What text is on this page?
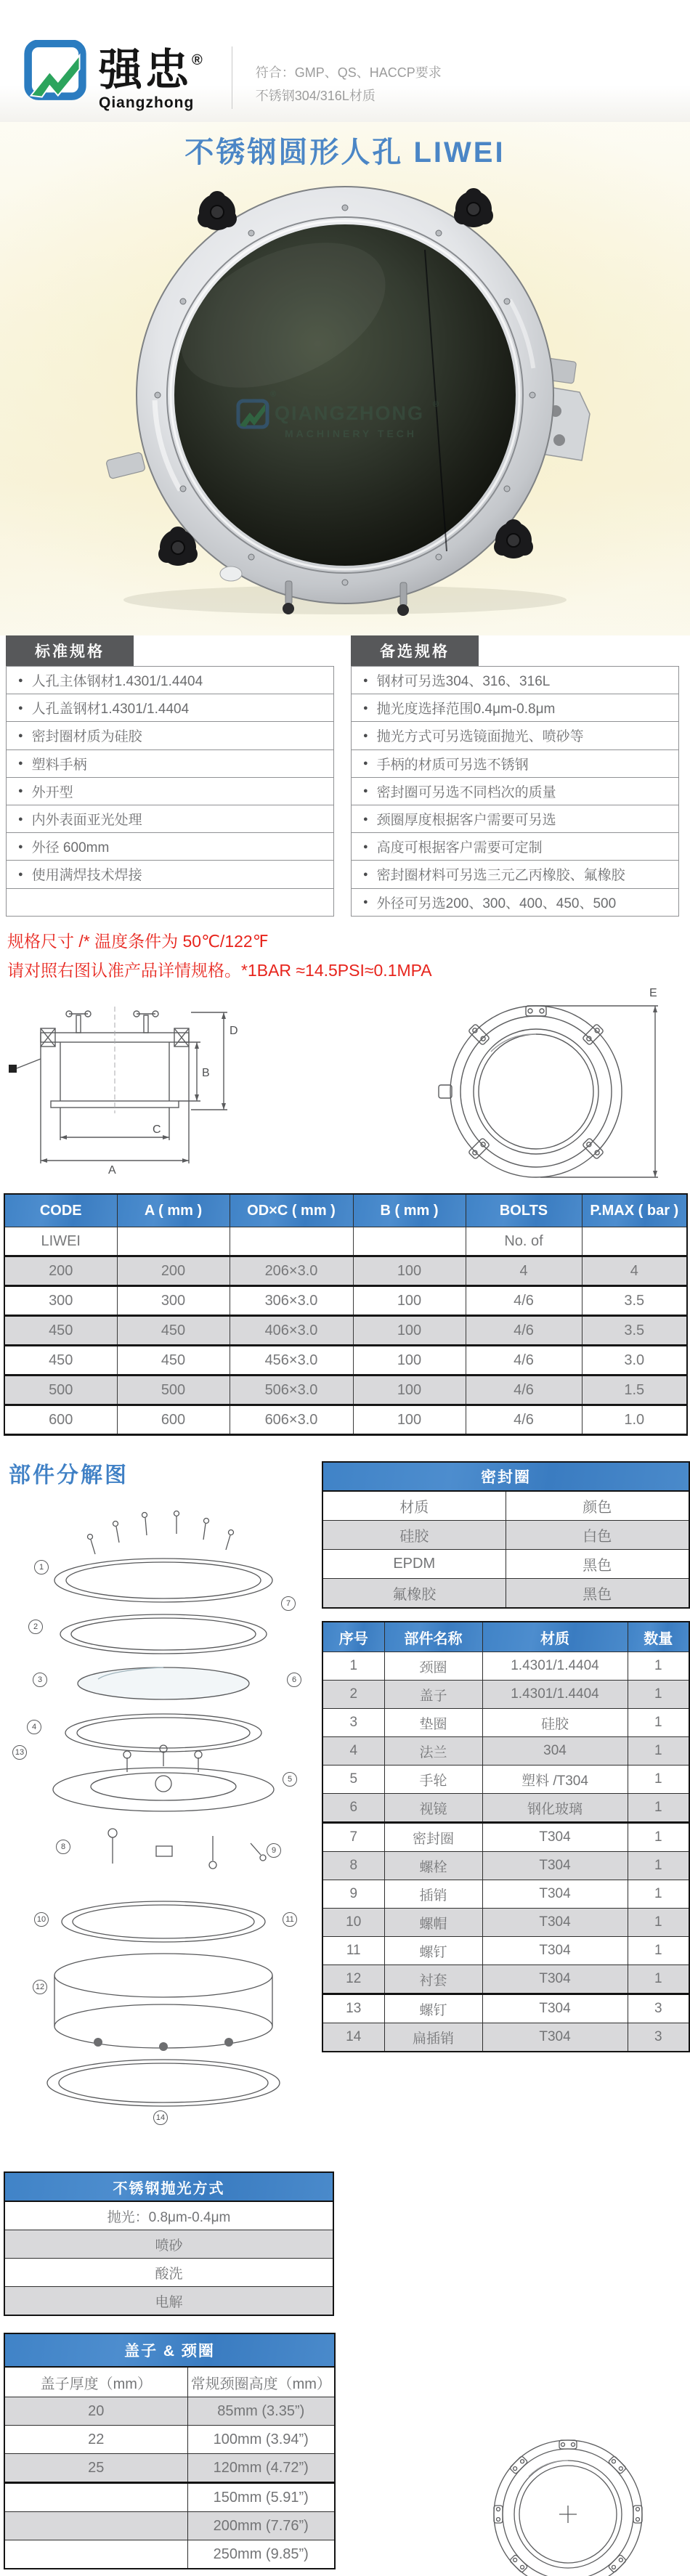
强忠®
Qiangzhong
符合：GMP、QS、HACCP要求
不锈钢304/316L材质
不锈钢圆形人孔 LIWEI
®
QIANGZHONG ®
MACHINERY TECH
标准规格
● 人孔主体钢材1.4301/1.4404
● 人孔盖钢材1.4301/1.4404
● 密封圈材质为硅胶
● 塑料手柄
● 外开型
● 内外表面亚光处理
● 外径 600mm
● 使用满焊技术焊接
备选规格
● 钢材可另选304、316、316L
● 抛光度选择范围0.4μm-0.8μm
● 抛光方式可另选镜面抛光、喷砂等
● 手柄的材质可另选不锈钢
● 密封圈可另选不同档次的质量
● 颈圈厚度根据客户需要可另选
● 高度可根据客户需要可定制
● 密封圈材料可另选三元乙丙橡胶、氟橡胶
● 外径可另选200、300、400、450、500
规格尺寸 /* 温度条件为 50℃/122℉
请对照右图认准产品详情规格。*1BAR ≈14.5PSI≈0.1MPA
A
B
C
D
E
CODE	A ( mm )	OD×C ( mm )	B ( mm )	BOLTS	P.MAX ( bar )
LIWEI				No. of	
200	200	206×3.0	100	4	4
300	300	306×3.0	100	4/6	3.5
450	450	406×3.0	100	4/6	3.5
450	450	456×3.0	100	4/6	3.0
500	500	506×3.0	100	4/6	1.5
600	600	606×3.0	100	4/6	1.0
部件分解图
1
2
3
4
5
6
7
8	9
10	11
12
13
14
密封圈	
材质	颜色
硅胶	白色
EPDM	黑色
氟橡胶	黑色
序号	部件名称	材质	数量
1	颈圈	1.4301/1.4404	1
2	盖子	1.4301/1.4404	1
3	垫圈	硅胶	1
4	法兰	304	1
5	手轮	塑料 /T304	1
6	视镜	钢化玻璃	1
7	密封圈	T304	1
8	螺栓	T304	1
9	插销	T304	1
10	螺帽	T304	1
11	螺钉	T304	1
12	衬套	T304	1
13	螺钉	T304	3
14	扁插销	T304	3
不锈钢抛光方式
抛光：0.8μm-0.4μm
喷砂
酸洗
电解
盖子 & 颈圈	
盖子厚度（mm）	常规颈圈高度（mm）
20	85mm (3.35”)
22	100mm (3.94”)
25	120mm (4.72”)
	150mm (5.91”)
	200mm (7.76”)
	250mm (9.85”)
